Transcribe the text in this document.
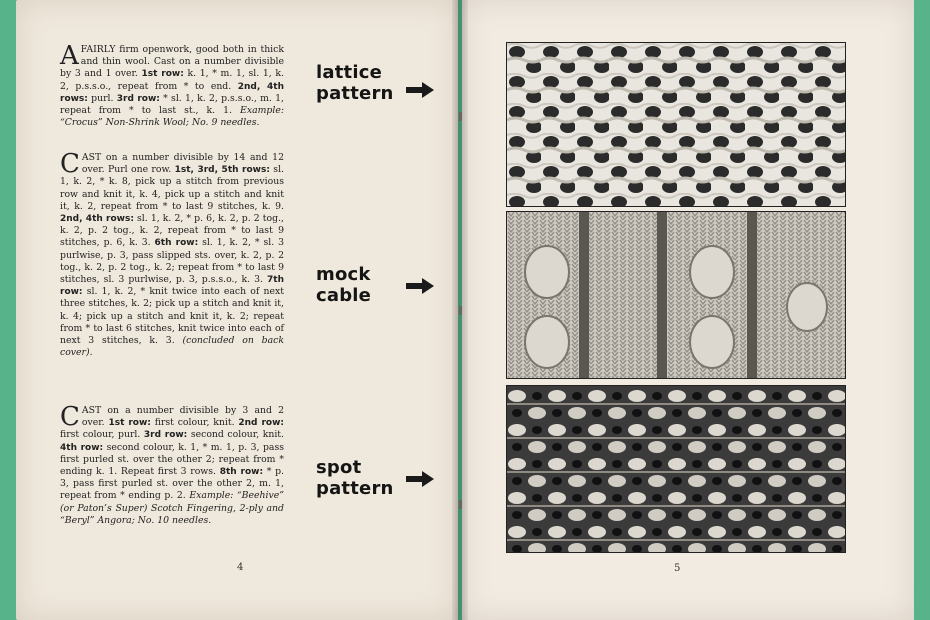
A FAIRLY firm openwork, good both in thick and thin wool. Cast on a number divisible by 3 and 1 over. 1st row: k. 1, * m. 1, sl. 1, k. 2, p.s.s.o., repeat from * to end. 2nd, 4th rows: purl. 3rd row: * sl. 1, k. 2, p.s.s.o., m. 1, repeat from * to last st., k. 1. Example: “Crocus” Non-Shrink Wool; No. 9 needles.
CAST on a number divisible by 14 and 12 over. Purl one row. 1st, 3rd, 5th rows: sl. 1, k. 2, * k. 8, pick up a stitch from previous row and knit it, k. 4, pick up a stitch and knit it, k. 2, repeat from * to last 9 stitches, k. 9. 2nd, 4th rows: sl. 1, k. 2, * p. 6, k. 2, p. 2 tog., k. 2, p. 2 tog., k. 2, repeat from * to last 9 stitches, p. 6, k. 3. 6th row: sl. 1, k. 2, * sl. 3 purlwise, p. 3, pass slipped sts. over, k. 2, p. 2 tog., k. 2, p. 2 tog., k. 2; repeat from * to last 9 stitches, sl. 3 purlwise, p. 3, p.s.s.o., k. 3. 7th row: sl. 1, k. 2, * knit twice into each of next three stitches, k. 2; pick up a stitch and knit it, k. 4; pick up a stitch and knit it, k. 2; repeat from * to last 6 stitches, knit twice into each of next 3 stitches, k. 3. (concluded on back cover).
CAST on a number divisible by 3 and 2 over. 1st row: first colour, knit. 2nd row: first colour, purl. 3rd row: second colour, knit. 4th row: second colour, k. 1, * m. 1, p. 3, pass first purled st. over the other 2; repeat from * ending k. 1. Repeat first 3 rows. 8th row: * p. 3, pass first purled st. over the other 2, m. 1, repeat from * ending p. 2. Example: “Beehive” (or Paton’s Super) Scotch Fingering, 2-ply and “Beryl” Angora; No. 10 needles.
4
lattice
pattern
mock
cable
spot
pattern
5
